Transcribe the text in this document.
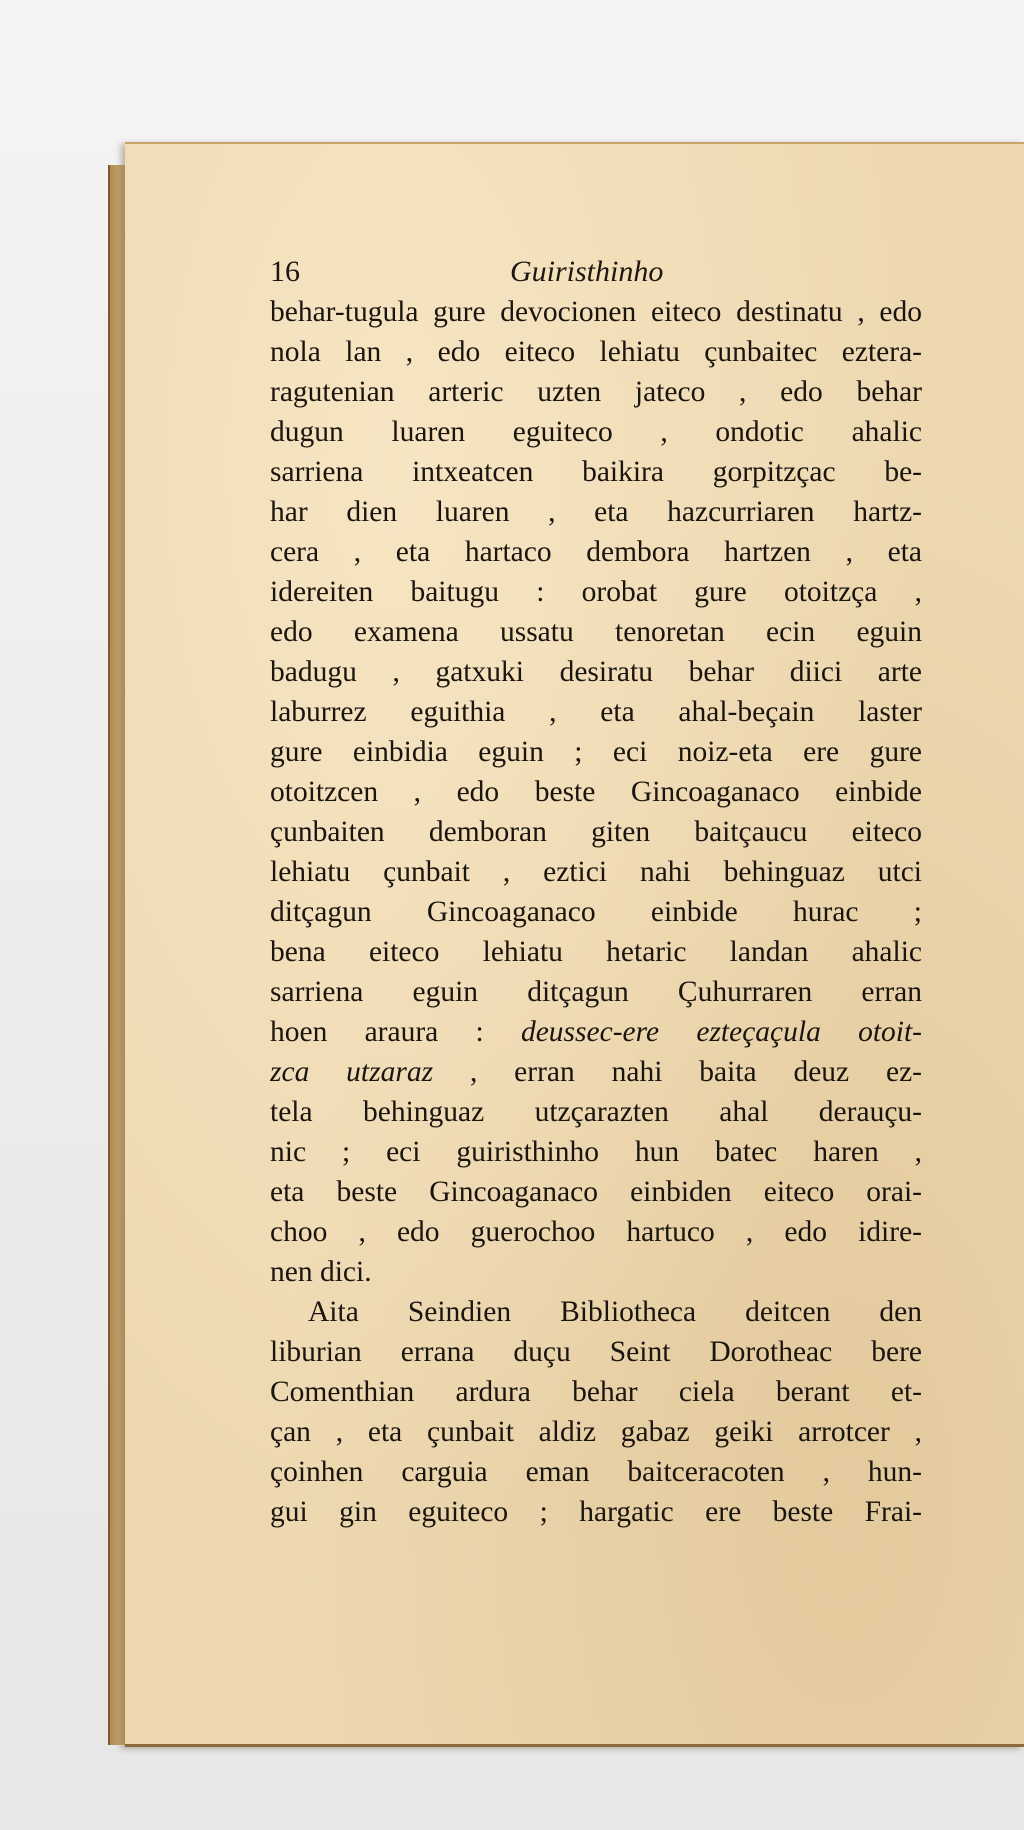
16	Guiristhinho
behar-tugula gure devocionen eiteco destinatu , edo
nola lan , edo eiteco lehiatu çunbaitec eztera-
ragutenian arteric uzten jateco , edo behar
dugun luaren eguiteco , ondotic ahalic
sarriena intxeatcen baikira gorpitzçac be-
har dien luaren , eta hazcurriaren hartz-
cera , eta hartaco dembora hartzen , eta
idereiten baitugu : orobat gure otoitzça ,
edo examena ussatu tenoretan ecin eguin
badugu , gatxuki desiratu behar diici arte
laburrez eguithia , eta ahal-beçain laster
gure einbidia eguin ; eci noiz-eta ere gure
otoitzcen , edo beste Gincoaganaco einbide
çunbaiten demboran giten baitçaucu eiteco
lehiatu çunbait , eztici nahi behinguaz utci
ditçagun Gincoaganaco einbide hurac ;
bena eiteco lehiatu hetaric landan ahalic
sarriena eguin ditçagun Çuhurraren erran
hoen araura : deussec-ere ezteçaçula otoit-
zca utzaraz , erran nahi baita deuz ez-
tela behinguaz utzçarazten ahal derauçu-
nic ; eci guiristhinho hun batec haren ,
eta beste Gincoaganaco einbiden eiteco orai-
choo , edo guerochoo hartuco , edo idire-
nen dici.
Aita Seindien Bibliotheca deitcen den
liburian errana duçu Seint Dorotheac bere
Comenthian ardura behar ciela berant et-
çan , eta çunbait aldiz gabaz geiki arrotcer ,
çoinhen carguia eman baitceracoten , hun-
gui gin eguiteco ; hargatic ere beste Frai-
